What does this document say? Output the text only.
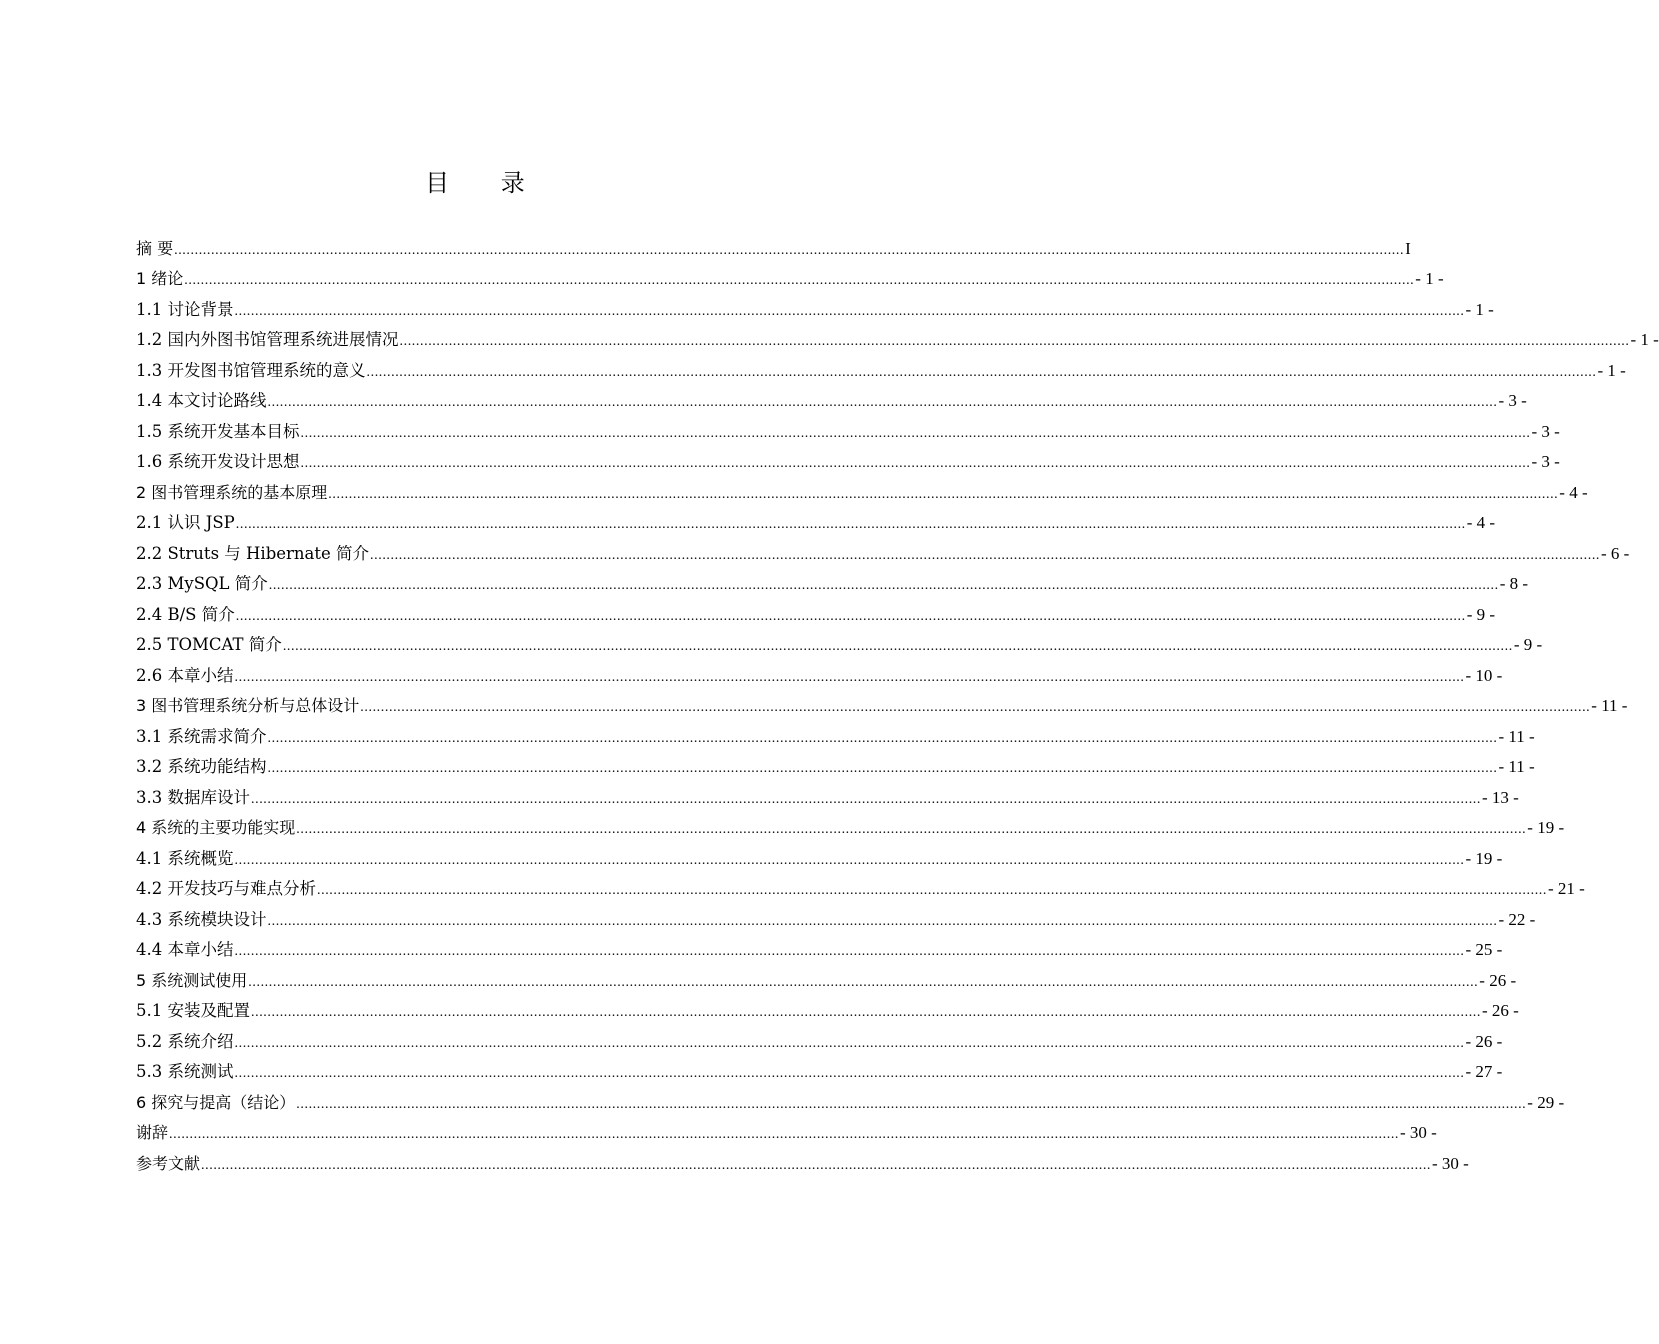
目 录
摘 要 ............................................................................................................................................................................................................................................................................................................ I
1 绪论 ............................................................................................................................................................................................................................................................................................................ - 1 -
1.1 讨论背景 ............................................................................................................................................................................................................................................................................................................ - 1 -
1.2 国内外图书馆管理系统进展情况 ............................................................................................................................................................................................................................................................................................................ - 1 -
1.3 开发图书馆管理系统的意义 ............................................................................................................................................................................................................................................................................................................ - 1 -
1.4 本文讨论路线 ............................................................................................................................................................................................................................................................................................................ - 3 -
1.5 系统开发基本目标 ............................................................................................................................................................................................................................................................................................................ - 3 -
1.6 系统开发设计思想 ............................................................................................................................................................................................................................................................................................................ - 3 -
2 图书管理系统的基本原理 ............................................................................................................................................................................................................................................................................................................ - 4 -
2.1 认识 JSP ............................................................................................................................................................................................................................................................................................................ - 4 -
2.2 Struts 与 Hibernate 简介 ............................................................................................................................................................................................................................................................................................................ - 6 -
2.3 MySQL 简介 ............................................................................................................................................................................................................................................................................................................ - 8 -
2.4 B/S 简介 ............................................................................................................................................................................................................................................................................................................ - 9 -
2.5 TOMCAT 简介 ............................................................................................................................................................................................................................................................................................................ - 9 -
2.6 本章小结 ............................................................................................................................................................................................................................................................................................................ - 10 -
3 图书管理系统分析与总体设计 ............................................................................................................................................................................................................................................................................................................ - 11 -
3.1 系统需求简介 ............................................................................................................................................................................................................................................................................................................ - 11 -
3.2 系统功能结构 ............................................................................................................................................................................................................................................................................................................ - 11 -
3.3 数据库设计 ............................................................................................................................................................................................................................................................................................................ - 13 -
4 系统的主要功能实现 ............................................................................................................................................................................................................................................................................................................ - 19 -
4.1 系统概览 ............................................................................................................................................................................................................................................................................................................ - 19 -
4.2 开发技巧与难点分析 ............................................................................................................................................................................................................................................................................................................ - 21 -
4.3 系统模块设计 ............................................................................................................................................................................................................................................................................................................ - 22 -
4.4 本章小结 ............................................................................................................................................................................................................................................................................................................ - 25 -
5 系统测试使用 ............................................................................................................................................................................................................................................................................................................ - 26 -
5.1 安装及配置 ............................................................................................................................................................................................................................................................................................................ - 26 -
5.2 系统介绍 ............................................................................................................................................................................................................................................................................................................ - 26 -
5.3 系统测试 ............................................................................................................................................................................................................................................................................................................ - 27 -
6 探究与提高（结论） ............................................................................................................................................................................................................................................................................................................ - 29 -
谢辞 ............................................................................................................................................................................................................................................................................................................ - 30 -
参考文献 ............................................................................................................................................................................................................................................................................................................ - 30 -
